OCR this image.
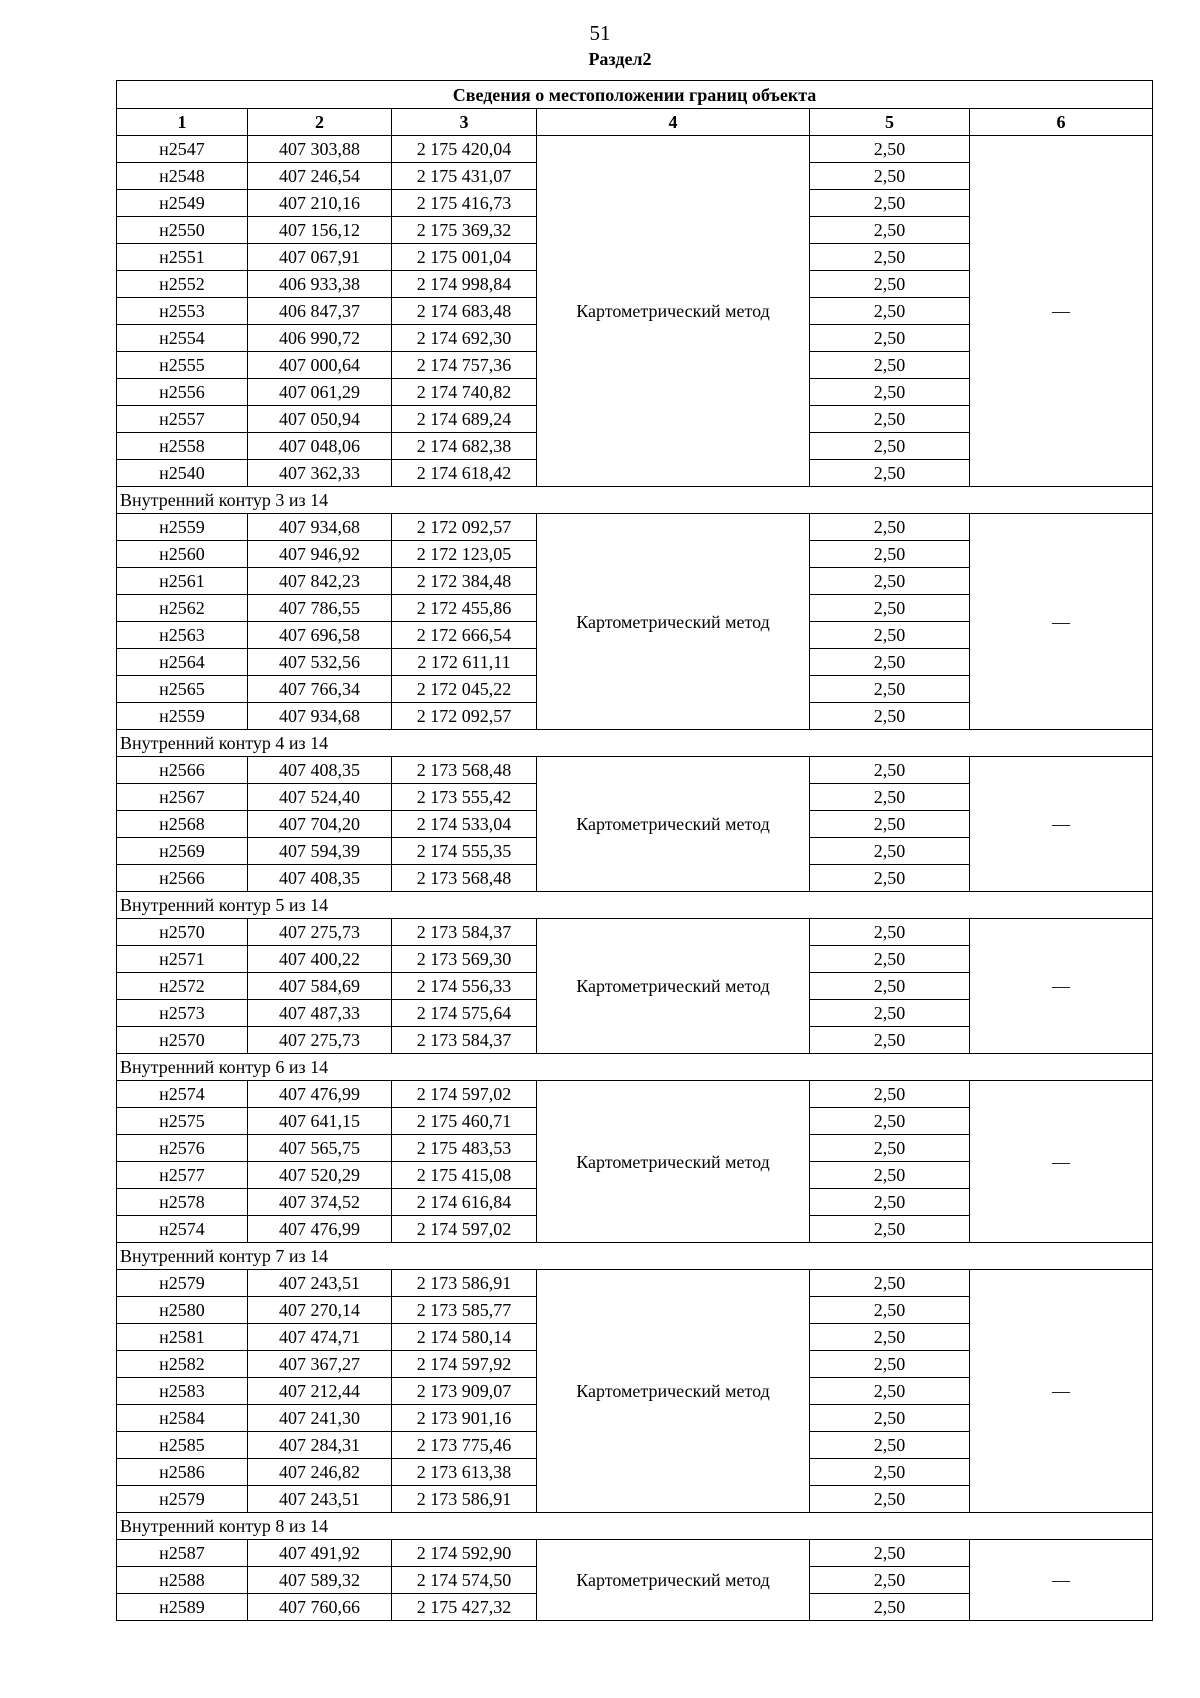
51
Раздел2
Сведения о местоположении границ объекта					
1	2	3	4	5	6
н2547	407 303,88	2 175 420,04	Картометрический метод	2,50	—
н2548	407 246,54	2 175 431,07		2,50	
н2549	407 210,16	2 175 416,73		2,50	
н2550	407 156,12	2 175 369,32		2,50	
н2551	407 067,91	2 175 001,04		2,50	
н2552	406 933,38	2 174 998,84		2,50	
н2553	406 847,37	2 174 683,48		2,50	
н2554	406 990,72	2 174 692,30		2,50	
н2555	407 000,64	2 174 757,36		2,50	
н2556	407 061,29	2 174 740,82		2,50	
н2557	407 050,94	2 174 689,24		2,50	
н2558	407 048,06	2 174 682,38		2,50	
н2540	407 362,33	2 174 618,42		2,50	
Внутренний контур 3 из 14					
н2559	407 934,68	2 172 092,57	Картометрический метод	2,50	—
н2560	407 946,92	2 172 123,05		2,50	
н2561	407 842,23	2 172 384,48		2,50	
н2562	407 786,55	2 172 455,86		2,50	
н2563	407 696,58	2 172 666,54		2,50	
н2564	407 532,56	2 172 611,11		2,50	
н2565	407 766,34	2 172 045,22		2,50	
н2559	407 934,68	2 172 092,57		2,50	
Внутренний контур 4 из 14					
н2566	407 408,35	2 173 568,48	Картометрический метод	2,50	—
н2567	407 524,40	2 173 555,42		2,50	
н2568	407 704,20	2 174 533,04		2,50	
н2569	407 594,39	2 174 555,35		2,50	
н2566	407 408,35	2 173 568,48		2,50	
Внутренний контур 5 из 14					
н2570	407 275,73	2 173 584,37	Картометрический метод	2,50	—
н2571	407 400,22	2 173 569,30		2,50	
н2572	407 584,69	2 174 556,33		2,50	
н2573	407 487,33	2 174 575,64		2,50	
н2570	407 275,73	2 173 584,37		2,50	
Внутренний контур 6 из 14					
н2574	407 476,99	2 174 597,02	Картометрический метод	2,50	—
н2575	407 641,15	2 175 460,71		2,50	
н2576	407 565,75	2 175 483,53		2,50	
н2577	407 520,29	2 175 415,08		2,50	
н2578	407 374,52	2 174 616,84		2,50	
н2574	407 476,99	2 174 597,02		2,50	
Внутренний контур 7 из 14					
н2579	407 243,51	2 173 586,91	Картометрический метод	2,50	—
н2580	407 270,14	2 173 585,77		2,50	
н2581	407 474,71	2 174 580,14		2,50	
н2582	407 367,27	2 174 597,92		2,50	
н2583	407 212,44	2 173 909,07		2,50	
н2584	407 241,30	2 173 901,16		2,50	
н2585	407 284,31	2 173 775,46		2,50	
н2586	407 246,82	2 173 613,38		2,50	
н2579	407 243,51	2 173 586,91		2,50	
Внутренний контур 8 из 14					
н2587	407 491,92	2 174 592,90	Картометрический метод	2,50	—
н2588	407 589,32	2 174 574,50		2,50	
н2589	407 760,66	2 175 427,32		2,50	
